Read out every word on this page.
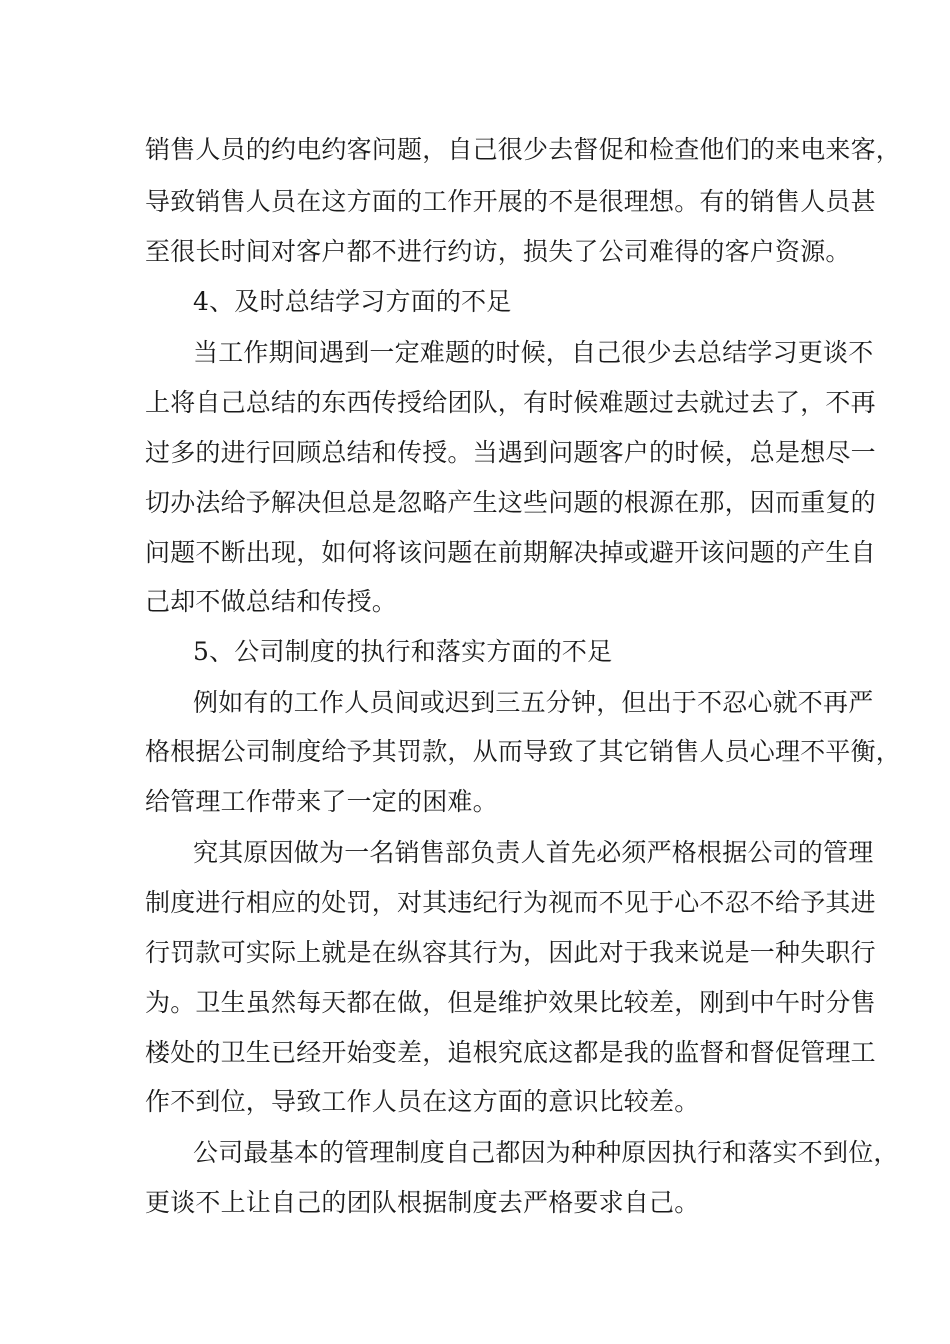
销售人员的约电约客问题，自己很少去督促和检查他们的来电来客，
导致销售人员在这方面的工作开展的不是很理想。有的销售人员甚
至很长时间对客户都不进行约访，损失了公司难得的客户资源。
4、及时总结学习方面的不足
当工作期间遇到一定难题的时候，自己很少去总结学习更谈不
上将自己总结的东西传授给团队，有时候难题过去就过去了，不再
过多的进行回顾总结和传授。当遇到问题客户的时候，总是想尽一
切办法给予解决但总是忽略产生这些问题的根源在那，因而重复的
问题不断出现，如何将该问题在前期解决掉或避开该问题的产生自
己却不做总结和传授。
5、公司制度的执行和落实方面的不足
例如有的工作人员间或迟到三五分钟，但出于不忍心就不再严
格根据公司制度给予其罚款，从而导致了其它销售人员心理不平衡，
给管理工作带来了一定的困难。
究其原因做为一名销售部负责人首先必须严格根据公司的管理
制度进行相应的处罚，对其违纪行为视而不见于心不忍不给予其进
行罚款可实际上就是在纵容其行为，因此对于我来说是一种失职行
为。卫生虽然每天都在做，但是维护效果比较差，刚到中午时分售
楼处的卫生已经开始变差，追根究底这都是我的监督和督促管理工
作不到位，导致工作人员在这方面的意识比较差。
公司最基本的管理制度自己都因为种种原因执行和落实不到位，
更谈不上让自己的团队根据制度去严格要求自己。
